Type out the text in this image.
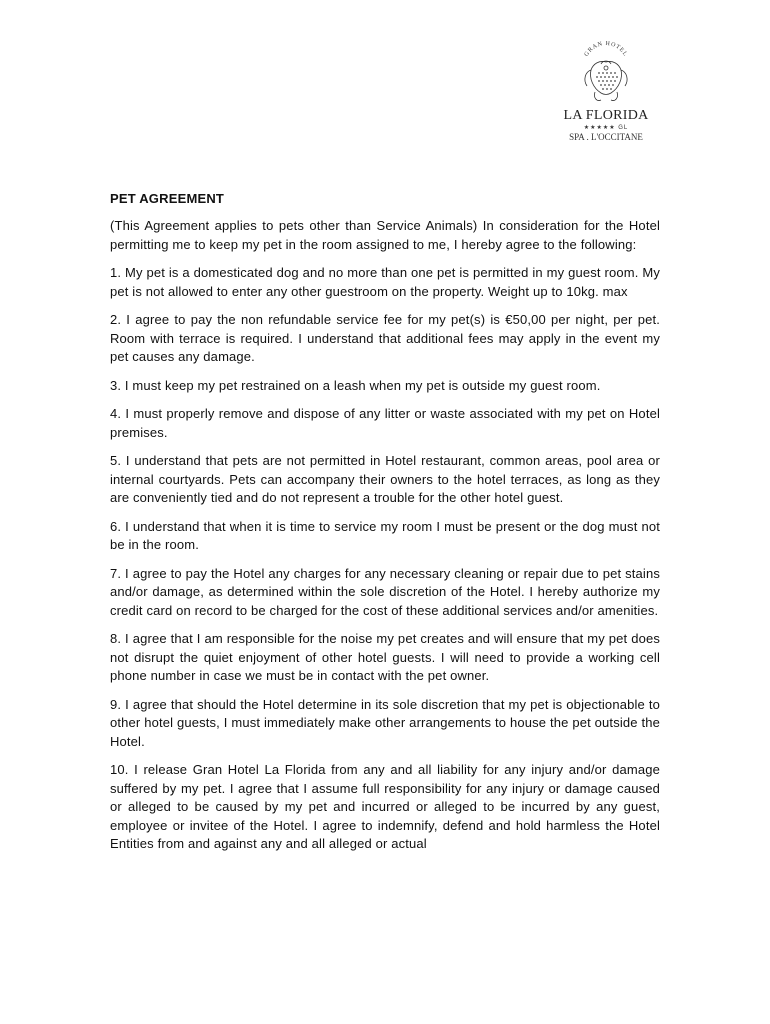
GRAN HOTEL
LA FLORIDA
★★★★★ GL
SPA . L'OCCITANE
PET AGREEMENT

(This Agreement applies to pets other than Service Animals) In consideration for the Hotel permitting me to keep my pet in the room assigned to me, I hereby agree to the following:

1. My pet is a domesticated dog and no more than one pet is permitted in my guest room. My pet is not allowed to enter any other guestroom on the property. Weight up to 10kg. max

2. I agree to pay the non refundable service fee for my pet(s) is €50,00 per night, per pet. Room with terrace is required. I understand that additional fees may apply in the event my pet causes any damage.

3. I must keep my pet restrained on a leash when my pet is outside my guest room.

4. I must properly remove and dispose of any litter or waste associated with my pet on Hotel premises.

5. I understand that pets are not permitted in Hotel restaurant, common areas, pool area or internal courtyards. Pets can accompany their owners to the hotel terraces, as long as they are conveniently tied and do not represent a trouble for the other hotel guest.

6. I understand that when it is time to service my room I must be present or the dog must not be in the room.

7. I agree to pay the Hotel any charges for any necessary cleaning or repair due to pet stains and/or damage, as determined within the sole discretion of the Hotel. I hereby authorize my credit card on record to be charged for the cost of these additional services and/or amenities.

8. I agree that I am responsible for the noise my pet creates and will ensure that my pet does not disrupt the quiet enjoyment of other hotel guests. I will need to provide a working cell phone number in case we must be in contact with the pet owner.

9. I agree that should the Hotel determine in its sole discretion that my pet is objectionable to other hotel guests, I must immediately make other arrangements to house the pet outside the Hotel.

10. I release Gran Hotel La Florida from any and all liability for any injury and/or damage suffered by my pet. I agree that I assume full responsibility for any injury or damage caused or alleged to be caused by my pet and incurred or alleged to be incurred by any guest, employee or invitee of the Hotel. I agree to indemnify, defend and hold harmless the Hotel Entities from and against any and all alleged or actual
